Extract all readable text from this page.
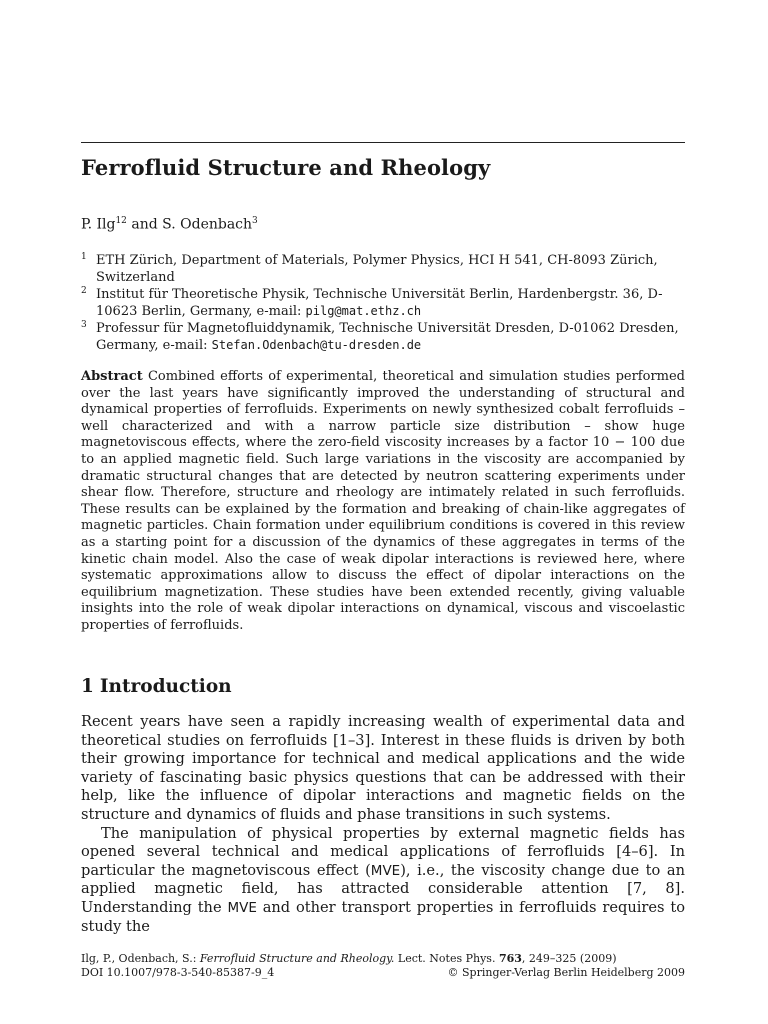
Ferrofluid Structure and Rheology
P. Ilg$^{12}$ and S. Odenbach$^3$
1 ETH Zürich, Department of Materials, Polymer Physics, HCI H 541, CH-8093 Zürich, Switzerland
2 Institut für Theoretische Physik, Technische Universität Berlin, Hardenbergstr. 36, D-10623 Berlin, Germany, e-mail: pilg@mat.ethz.ch
3 Professur für Magnetofluiddynamik, Technische Universität Dresden, D-01062 Dresden, Germany, e-mail: Stefan.Odenbach@tu-dresden.de
Abstract Combined efforts of experimental, theoretical and simulation studies performed over the last years have significantly improved the understanding of structural and dynamical properties of ferrofluids. Experiments on newly synthesized cobalt ferrofluids – well characterized and with a narrow particle size distribution – show huge magnetoviscous effects, where the zero-field viscosity increases by a factor 10 − 100 due to an applied magnetic field. Such large variations in the viscosity are accompanied by dramatic structural changes that are detected by neutron scattering experiments under shear flow. Therefore, structure and rheology are intimately related in such ferrofluids. These results can be explained by the formation and breaking of chain-like aggregates of magnetic particles. Chain formation under equilibrium conditions is covered in this review as a starting point for a discussion of the dynamics of these aggregates in terms of the kinetic chain model. Also the case of weak dipolar interactions is reviewed here, where systematic approximations allow to discuss the effect of dipolar interactions on the equilibrium magnetization. These studies have been extended recently, giving valuable insights into the role of weak dipolar interactions on dynamical, viscous and viscoelastic properties of ferrofluids.
1 Introduction

Recent years have seen a rapidly increasing wealth of experimental data and theoretical studies on ferrofluids [1–3]. Interest in these fluids is driven by both their growing importance for technical and medical applications and the wide variety of fascinating basic physics questions that can be addressed with their help, like the influence of dipolar interactions and magnetic fields on the structure and dynamics of fluids and phase transitions in such systems.

The manipulation of physical properties by external magnetic fields has opened several technical and medical applications of ferrofluids [4–6]. In particular the magnetoviscous effect (MVE), i.e., the viscosity change due to an applied magnetic field, has attracted considerable attention [7, 8]. Understanding the MVE and other transport properties in ferrofluids requires to study the

Ilg, P., Odenbach, S.: Ferrofluid Structure and Rheology. Lect. Notes Phys. 763, 249–325 (2009)
DOI 10.1007/978-3-540-85387-9_4	© Springer-Verlag Berlin Heidelberg 2009
